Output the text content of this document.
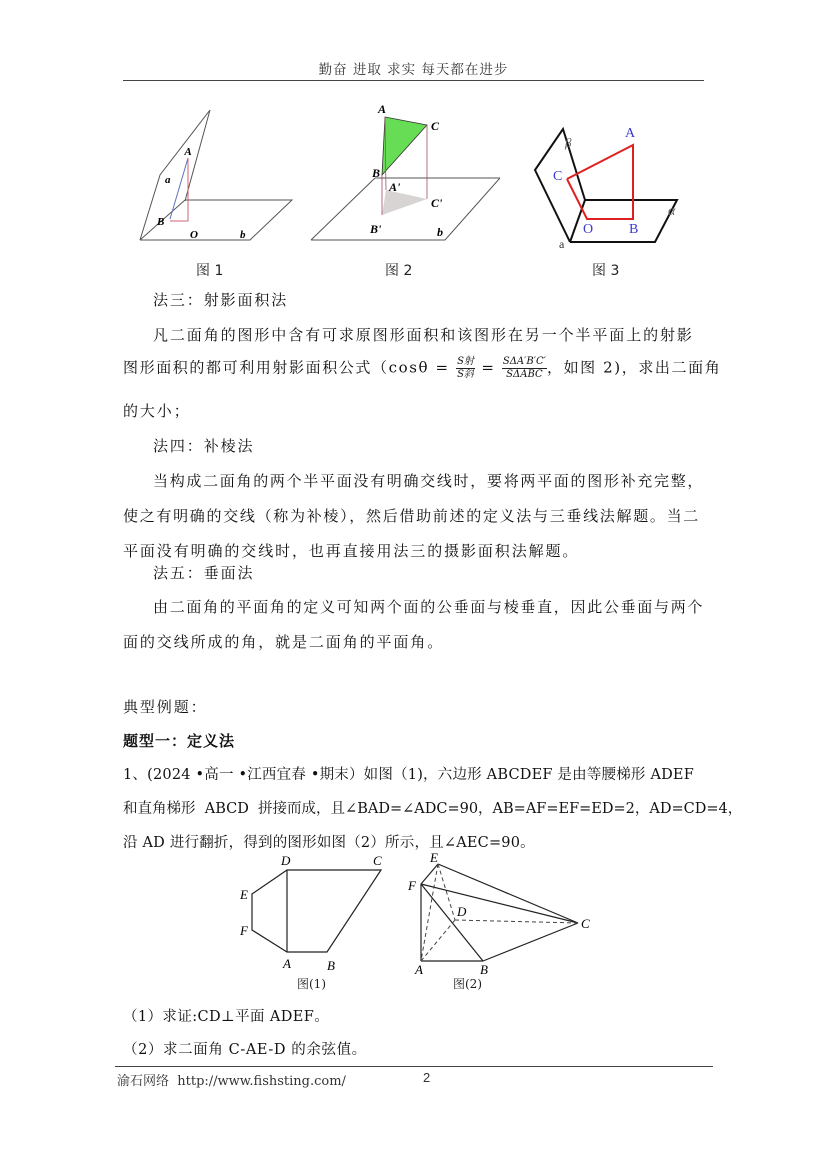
勤奋 进取 求实 每天都在进步
A
a
B
O	b
图 1
A
C
B
A'
C'
B'	b
图 2
β
A
C
α
O	B
a
图 3
法三：射影面积法
凡二面角的图形中含有可求原图形面积和该图形在另一个半平面上的射影
图形面积的都可利用射影面积公式（$\cos\theta = \frac{\text{S射}}{\text{S斜}} = \frac{\text{SΔA′B′C′}}{\text{SΔABC}}$ ，如图 2)，求出二面角
的大小；
法四：补棱法
当构成二面角的两个半平面没有明确交线时，要将两平面的图形补充完整，
使之有明确的交线（称为补棱），然后借助前述的定义法与三垂线法解题。当二
平面没有明确的交线时，也再直接用法三的摄影面积法解题。
法五：垂面法
由二面角的平面角的定义可知两个面的公垂面与棱垂直，因此公垂面与两个
面的交线所成的角，就是二面角的平面角。
典型例题：
题型一：定义法
1、(2024 •高一 •江西宜春 •期末）如图（1)，六边形 ABCDEF 是由等腰梯形 ADEF
和直角梯形  ABCD  拼接而成，且∠BAD=∠ADC=90，AB=AF=EF=ED=2，AD=CD=4，
沿 AD 进行翻折，得到的图形如图（2）所示，且∠AEC=90。
D	C
E
F
A	B
图(1)
E
F
D
C
A	B
图(2)
（1）求证:CD⊥平面 ADEF。
（2）求二面角 C-AE-D 的余弦值。
渝石网络  http://www.fishsting.com/	2
